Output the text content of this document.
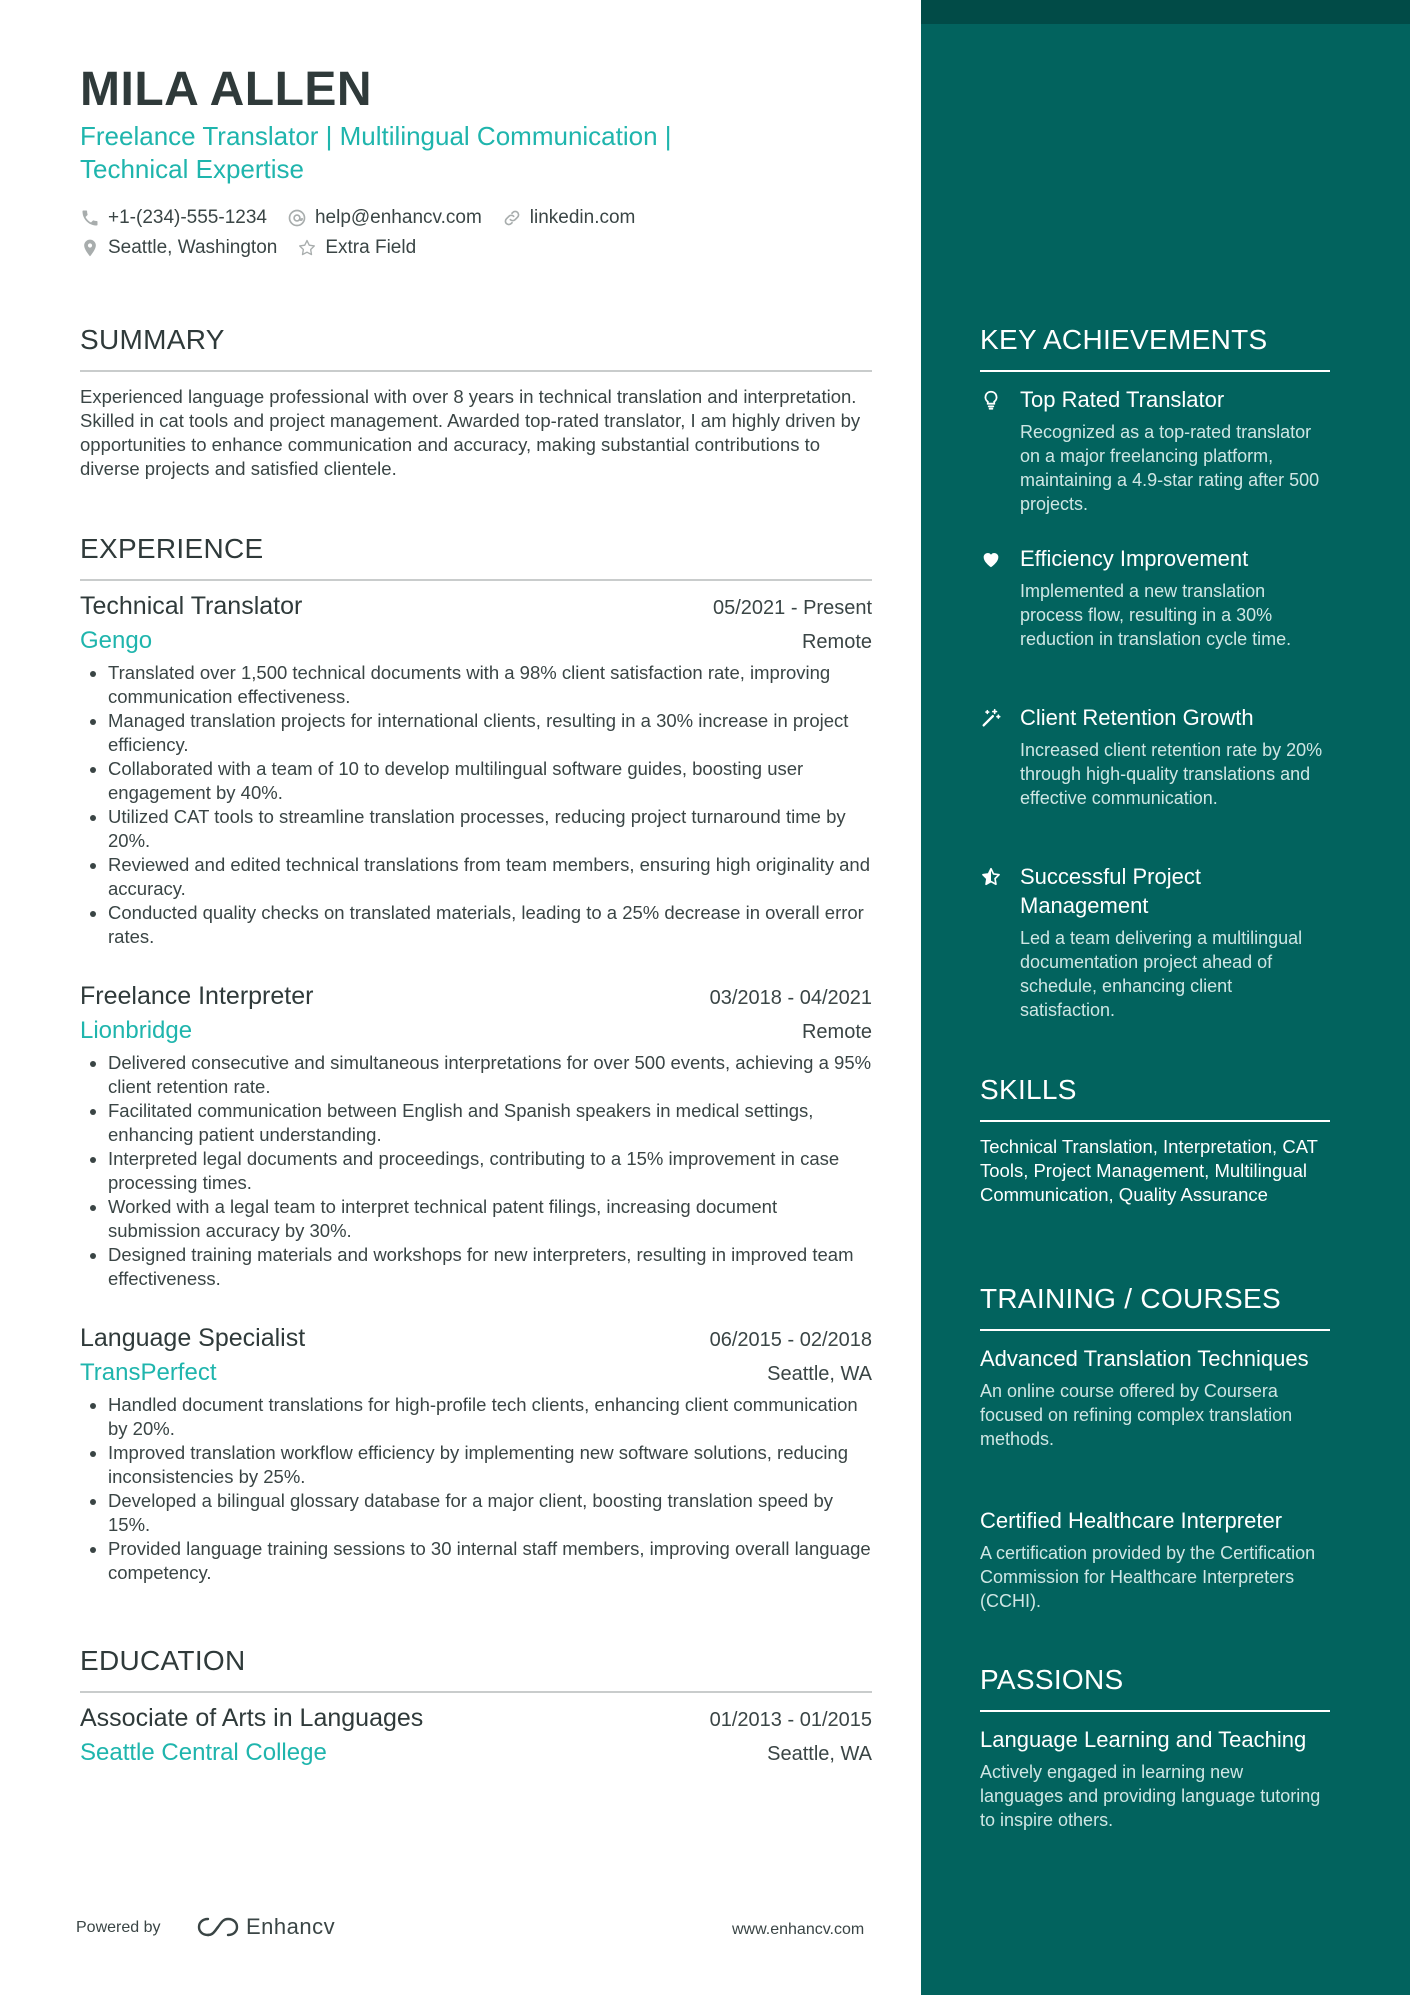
MILA ALLEN
Freelance Translator | Multilingual Communication | Technical Expertise
+1-(234)-555-1234	help@enhancv.com	linkedin.com
Seattle, Washington	Extra Field
SUMMARY
Experienced language professional with over 8 years in technical translation and interpretation. Skilled in cat tools and project management. Awarded top-rated translator, I am highly driven by opportunities to enhance communication and accuracy, making substantial contributions to diverse projects and satisfied clientele.
EXPERIENCE
Technical Translator	05/2021 - Present
Gengo	Remote
• Translated over 1,500 technical documents with a 98% client satisfaction rate, improving communication effectiveness.
• Managed translation projects for international clients, resulting in a 30% increase in project efficiency.
• Collaborated with a team of 10 to develop multilingual software guides, boosting user engagement by 40%.
• Utilized CAT tools to streamline translation processes, reducing project turnaround time by 20%.
• Reviewed and edited technical translations from team members, ensuring high originality and accuracy.
• Conducted quality checks on translated materials, leading to a 25% decrease in overall error rates.
Freelance Interpreter	03/2018 - 04/2021
Lionbridge	Remote
• Delivered consecutive and simultaneous interpretations for over 500 events, achieving a 95% client retention rate.
• Facilitated communication between English and Spanish speakers in medical settings, enhancing patient understanding.
• Interpreted legal documents and proceedings, contributing to a 15% improvement in case processing times.
• Worked with a legal team to interpret technical patent filings, increasing document submission accuracy by 30%.
• Designed training materials and workshops for new interpreters, resulting in improved team effectiveness.
Language Specialist	06/2015 - 02/2018
TransPerfect	Seattle, WA
• Handled document translations for high-profile tech clients, enhancing client communication by 20%.
• Improved translation workflow efficiency by implementing new software solutions, reducing inconsistencies by 25%.
• Developed a bilingual glossary database for a major client, boosting translation speed by 15%.
• Provided language training sessions to 30 internal staff members, improving overall language competency.
EDUCATION
Associate of Arts in Languages	01/2013 - 01/2015
Seattle Central College	Seattle, WA
Powered by	Enhancv	www.enhancv.com
KEY ACHIEVEMENTS
Top Rated Translator
Recognized as a top-rated translator on a major freelancing platform, maintaining a 4.9-star rating after 500 projects.
Efficiency Improvement
Implemented a new translation process flow, resulting in a 30% reduction in translation cycle time.
Client Retention Growth
Increased client retention rate by 20% through high-quality translations and effective communication.
Successful Project Management
Led a team delivering a multilingual documentation project ahead of schedule, enhancing client satisfaction.
SKILLS
Technical Translation, Interpretation, CAT Tools, Project Management, Multilingual Communication, Quality Assurance
TRAINING / COURSES
Advanced Translation Techniques
An online course offered by Coursera focused on refining complex translation methods.
Certified Healthcare Interpreter
A certification provided by the Certification Commission for Healthcare Interpreters (CCHI).
PASSIONS
Language Learning and Teaching
Actively engaged in learning new languages and providing language tutoring to inspire others.
